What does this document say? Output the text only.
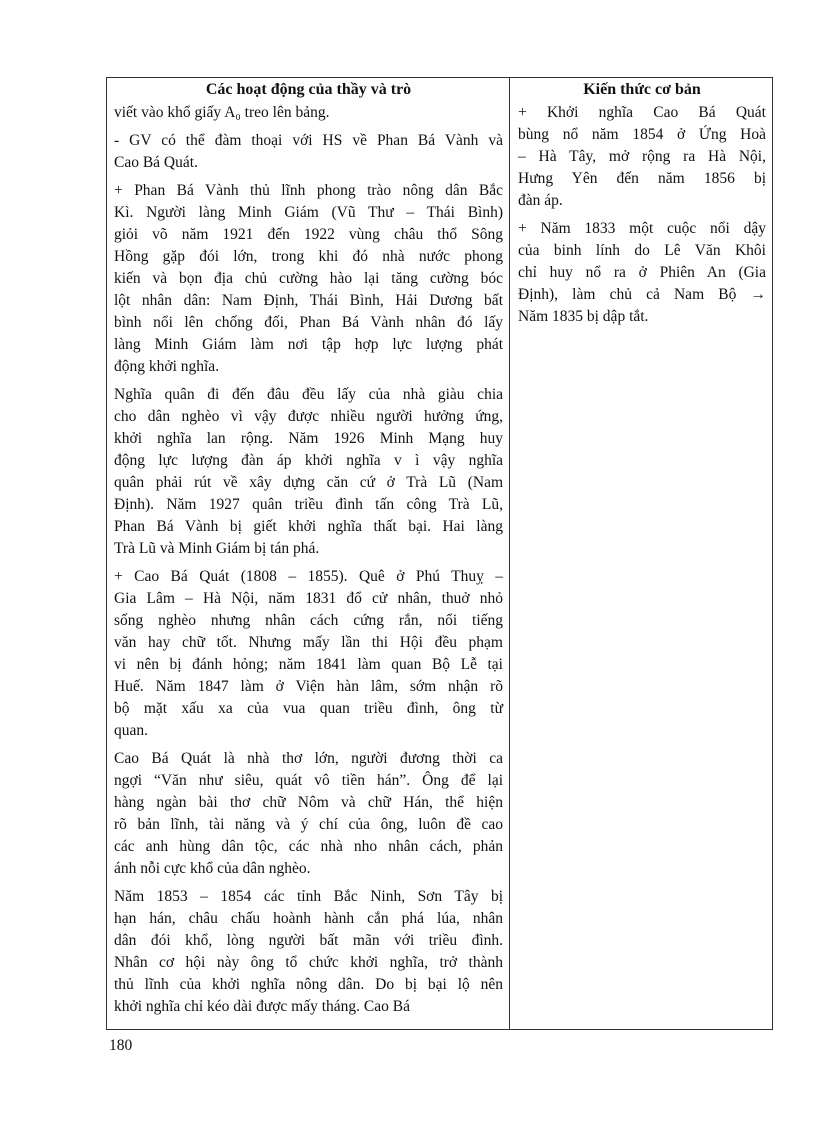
Các hoạt động của thầy và trò
viết vào khổ giấy A₀ treo lên bảng.
- GV có thể đàm thoại với HS về Phan Bá Vành và
Cao Bá Quát.
+ Phan Bá Vành thủ lĩnh phong trào nông dân Bắc
Kì. Người làng Minh Giám (Vũ Thư – Thái Bình)
giỏi võ năm 1921 đến 1922 vùng châu thổ Sông
Hồng gặp đói lớn, trong khi đó nhà nước phong
kiến và bọn địa chủ cường hào lại tăng cường bóc
lột nhân dân: Nam Định, Thái Bình, Hải Dương bất
bình nổi lên chống đối, Phan Bá Vành nhân đó lấy
làng Minh Giám làm nơi tập hợp lực lượng phát
động khởi nghĩa.
Nghĩa quân đi đến đâu đều lấy của nhà giàu chia
cho dân nghèo vì vậy được nhiều người hưởng ứng,
khởi nghĩa lan rộng. Năm 1926 Minh Mạng huy
động lực lượng đàn áp khởi nghĩa v ì vậy nghĩa
quân phải rút về xây dựng căn cứ ở Trà Lũ (Nam
Định). Năm 1927 quân triều đình tấn công Trà Lũ,
Phan Bá Vành bị giết khởi nghĩa thất bại. Hai làng
Trà Lũ và Minh Giám bị tán phá.
+ Cao Bá Quát (1808 – 1855). Quê ở Phú Thuỵ –
Gia Lâm – Hà Nội, năm 1831 đổ cử nhân, thuở nhỏ
sống nghèo nhưng nhân cách cứng rắn, nổi tiếng
văn hay chữ tốt. Nhưng mấy lần thi Hội đều phạm
vi nên bị đánh hỏng; năm 1841 làm quan Bộ Lễ tại
Huế. Năm 1847 làm ở Viện hàn lâm, sớm nhận rõ
bộ mặt xấu xa của vua quan triều đình, ông từ
quan.
Cao Bá Quát là nhà thơ lớn, người đương thời ca
ngợi “Văn như siêu, quát vô tiền hán”. Ông để lại
hàng ngàn bài thơ chữ Nôm và chữ Hán, thể hiện
rõ bản lĩnh, tài năng và ý chí của ông, luôn đề cao
các anh hùng dân tộc, các nhà nho nhân cách, phản
ánh nỗi cực khổ của dân nghèo.
Năm 1853 – 1854 các tỉnh Bắc Ninh, Sơn Tây bị
hạn hán, châu chấu hoành hành cắn phá lúa, nhân
dân đói khổ, lòng người bất mãn với triều đình.
Nhân cơ hội này ông tổ chức khởi nghĩa, trở thành
thủ lĩnh của khởi nghĩa nông dân. Do bị bại lộ nên
khởi nghĩa chỉ kéo dài được mấy tháng. Cao Bá
Kiến thức cơ bản
+ Khởi nghĩa Cao Bá Quát
bùng nổ năm 1854 ở Ứng Hoà
– Hà Tây, mở rộng ra Hà Nội,
Hưng Yên đến năm 1856 bị
đàn áp.
+ Năm 1833 một cuộc nổi dậy
của binh lính do Lê Văn Khôi
chỉ huy nổ ra ở Phiên An (Gia
Định), làm chủ cả Nam Bộ →
Năm 1835 bị dập tắt.
180
